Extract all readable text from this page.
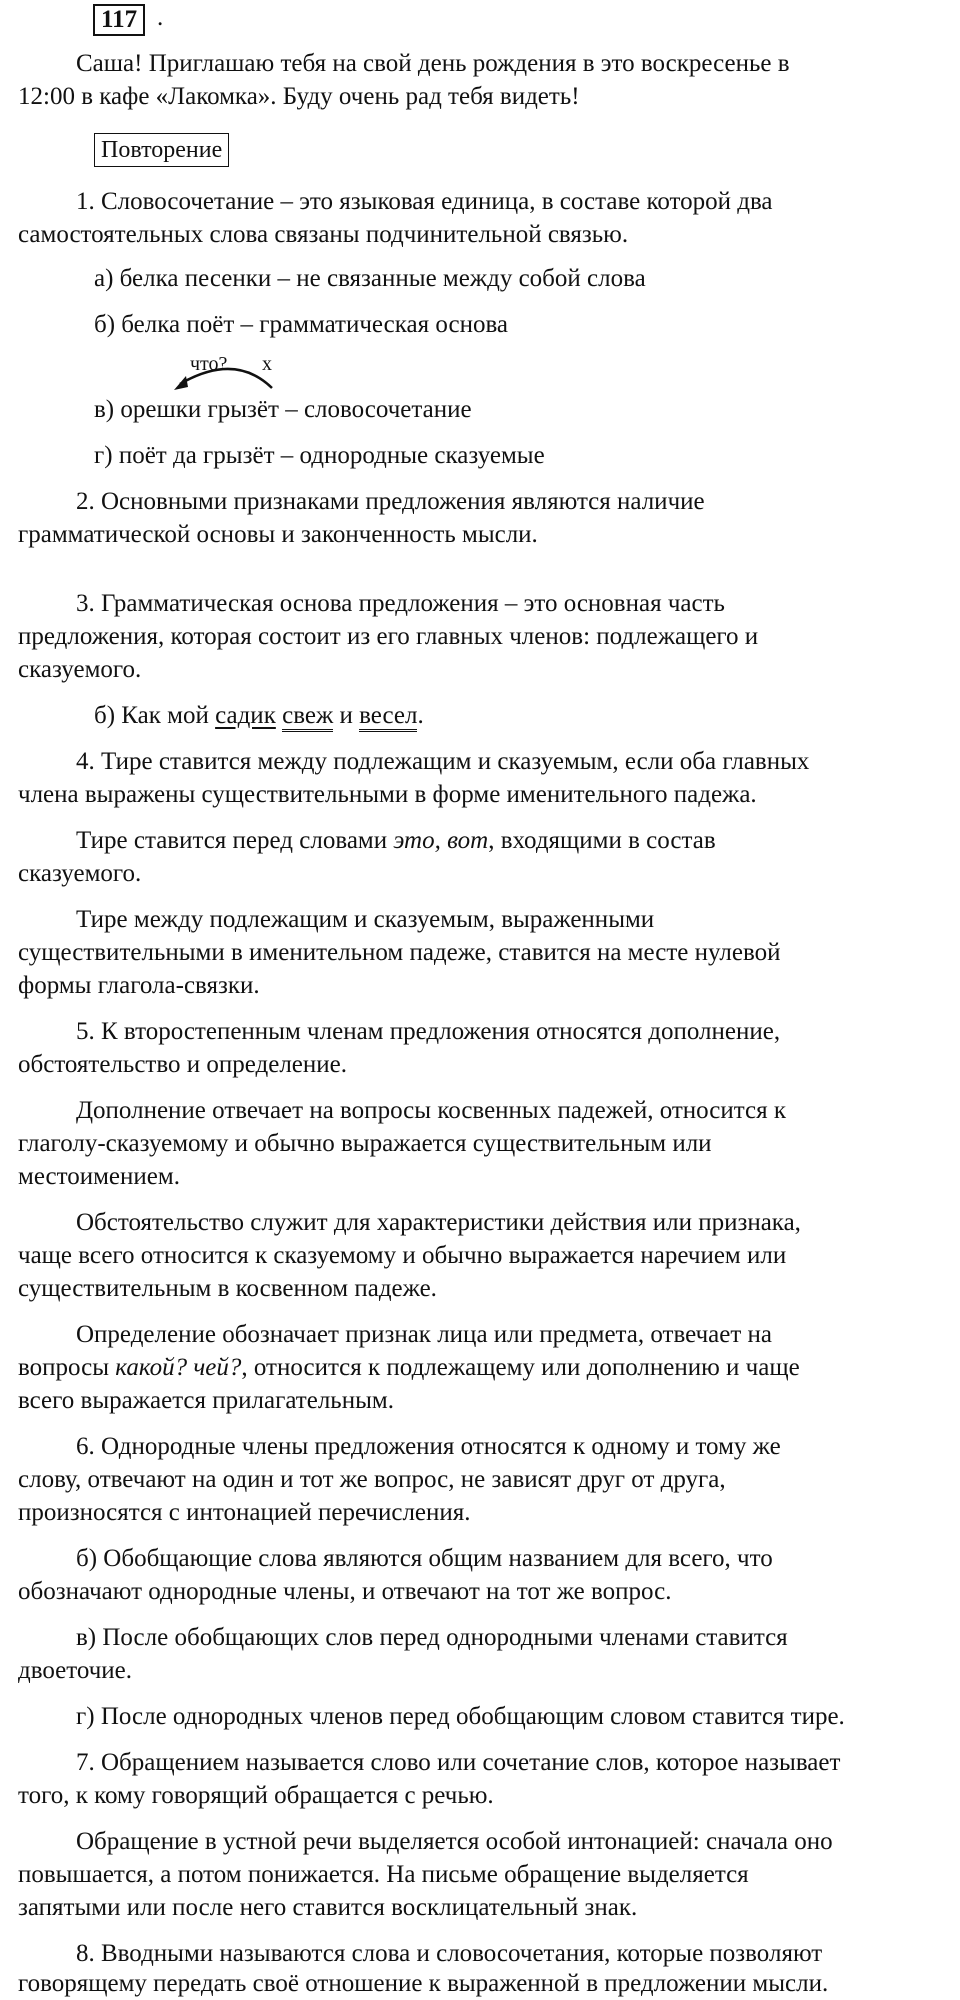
117 .

Саша! Приглашаю тебя на свой день рождения в это воскресенье в

12:00 в кафе «Лакомка». Буду очень рад тебя видеть!

Повторение

1. Словосочетание – это языковая единица, в составе которой два

самостоятельных слова связаны подчинительной связью.

а) белка песенки – не связанные между собой слова

б) белка поёт – грамматическая основа

что? х

в) орешки грызёт – словосочетание

г) поёт да грызёт – однородные сказуемые

2. Основными признаками предложения являются наличие

грамматической основы и законченность мысли.

3. Грамматическая основа предложения – это основная часть

предложения, которая состоит из его главных членов: подлежащего и

сказуемого.

б) Как мой садик свеж и весел.

4. Тире ставится между подлежащим и сказуемым, если оба главных

члена выражены существительными в форме именительного падежа.

Тире ставится перед словами это, вот, входящими в состав

сказуемого.

Тире между подлежащим и сказуемым, выраженными

существительными в именительном падеже, ставится на месте нулевой

формы глагола-связки.

5. К второстепенным членам предложения относятся дополнение,

обстоятельство и определение.

Дополнение отвечает на вопросы косвенных падежей, относится к

глаголу-сказуемому и обычно выражается существительным или

местоимением.

Обстоятельство служит для характеристики действия или признака,

чаще всего относится к сказуемому и обычно выражается наречием или

существительным в косвенном падеже.

Определение обозначает признак лица или предмета, отвечает на

вопросы какой? чей?, относится к подлежащему или дополнению и чаще

всего выражается прилагательным.

6. Однородные члены предложения относятся к одному и тому же

слову, отвечают на один и тот же вопрос, не зависят друг от друга,

произносятся с интонацией перечисления.

б) Обобщающие слова являются общим названием для всего, что

обозначают однородные члены, и отвечают на тот же вопрос.

в) После обобщающих слов перед однородными членами ставится

двоеточие.

г) После однородных членов перед обобщающим словом ставится тире.

7. Обращением называется слово или сочетание слов, которое называет

того, к кому говорящий обращается с речью.

Обращение в устной речи выделяется особой интонацией: сначала оно

повышается, а потом понижается. На письме обращение выделяется

запятыми или после него ставится восклицательный знак.

8. Вводными называются слова и словосочетания, которые позволяют

говорящему передать своё отношение к выраженной в предложении мысли.
